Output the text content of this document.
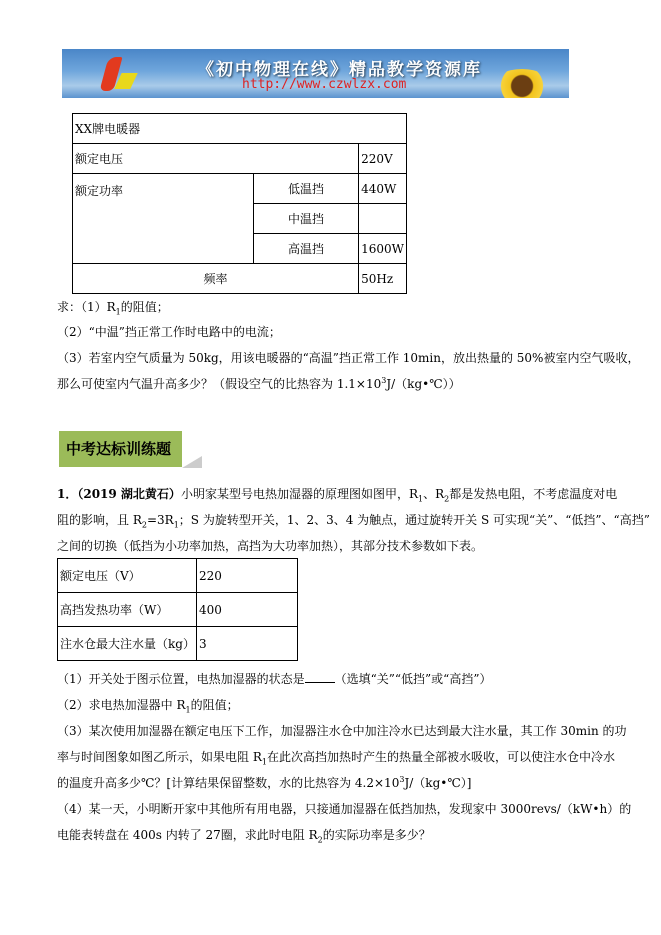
《初中物理在线》精品教学资源库
http://www.czwlzx.com
XX牌电暖器		
额定电压		220V
额定功率	低温挡	440W
	中温挡	
	高温挡	1600W
频率		50Hz
求：$(1)R_1$的阻值；
（2）“中温”挡正常工作时电路中的电流；
（3）若室内空气质量为 50kg，用该电暖器的“高温”挡正常工作 10min，放出热量的 50%被室内空气吸收，
那么可使室内气温升高多少？（假设空气的比热容为 $1.1\times 10^3J/(kg•℃)$）
中考达标训练题
1．（2019 湖北黄石）小明家某型号电热加湿器的原理图如图甲，$R_1$、$R_2$都是发热电阻，不考虑温度对电
阻的影响，且 $R_2=3R_1$；S 为旋转型开关，1、2、3、4 为触点，通过旋转开关 S 可实现“关”、“低挡”、“高挡”
之间的切换（低挡为小功率加热，高挡为大功率加热），其部分技术参数如下表。
额定电压（V）	220
高挡发热功率（W）	400
注水仓最大注水量（kg）	3
（1）开关处于图示位置，电热加湿器的状态是	（选填“关”“低挡”或“高挡”）
（2）求电热加湿器中 $R_1$的阻值；
（3）某次使用加湿器在额定电压下工作，加湿器注水仓中加注冷水已达到最大注水量，其工作 30min 的功
率与时间图象如图乙所示，如果电阻 $R_1$在此次高挡加热时产生的热量全部被水吸收，可以使注水仓中冷水
的温度升高多少℃？[计算结果保留整数，水的比热容为 $4.2\times 10^3J/(kg•℃)$]
（4）某一天，小明断开家中其他所有用电器，只接通加湿器在低挡加热，发现家中 3000revs/（kW•h）的
电能表转盘在 400s 内转了 27圈，求此时电阻 $R_2$的实际功率是多少？
